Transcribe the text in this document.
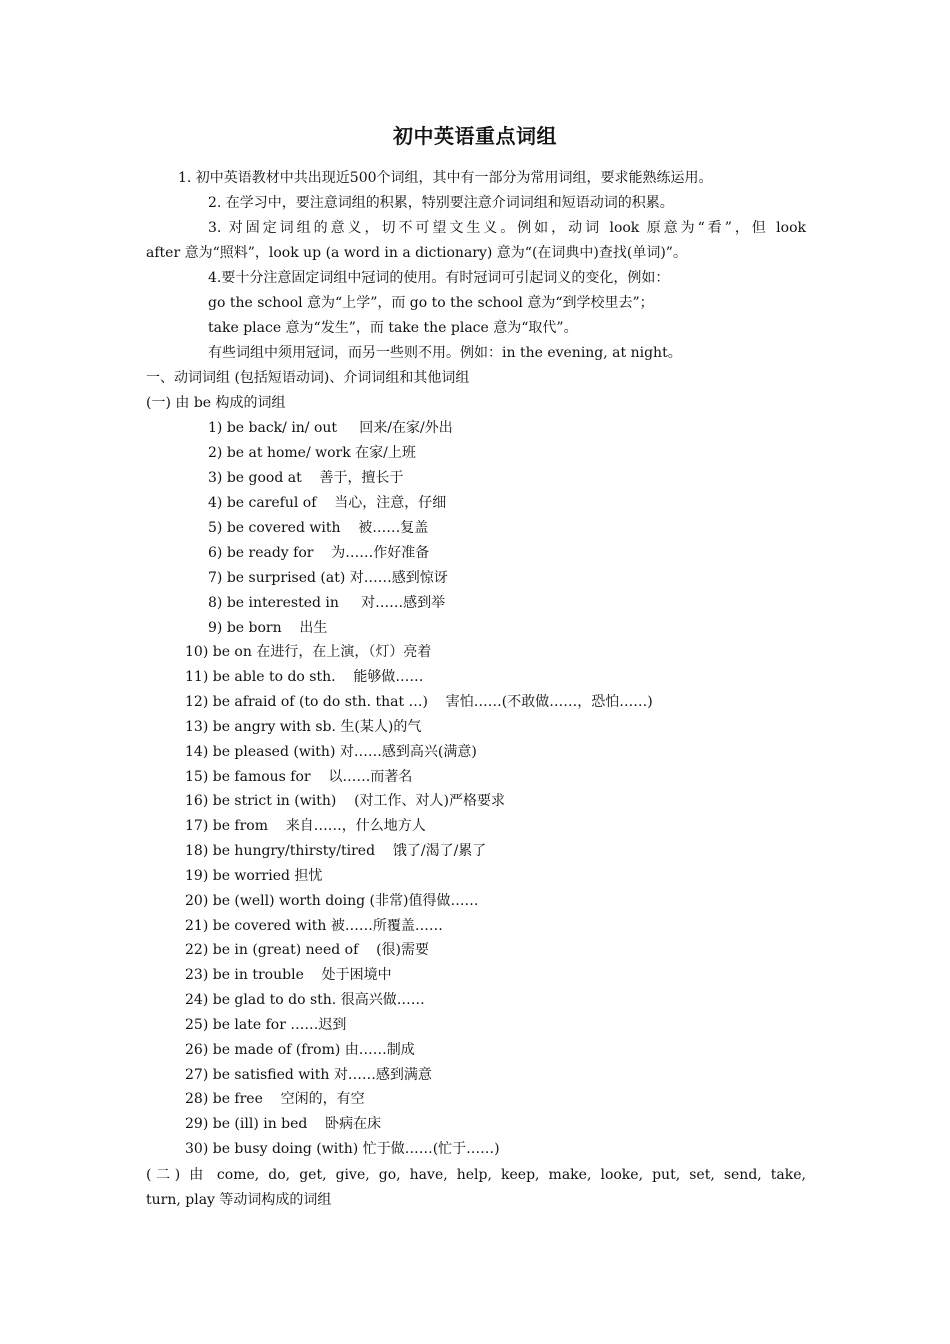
初中英语重点词组
1. 初中英语教材中共出现近500个词组，其中有一部分为常用词组，要求能熟练运用。
2. 在学习中，要注意词组的积累，特别要注意介词词组和短语动词的积累。
3. 对固定词组的意义，切不可望文生义。例如，动词 look 原意为“看”，但 look
after 意为“照料”，look up (a word in a dictionary) 意为“(在词典中)查找(单词)”。
4.要十分注意固定词组中冠词的使用。有时冠词可引起词义的变化，例如：
go the school 意为“上学”，而 go to the school 意为“到学校里去”；
take place 意为“发生”，而 take the place 意为“取代”。
有些词组中须用冠词，而另一些则不用。例如：in the evening, at night。
一、动词词组 (包括短语动词)、介词词组和其他词组
(一) 由 be 构成的词组
1) be back/ in/ out     回来/在家/外出
2) be at home/ work 在家/上班
3) be good at    善于，擅长于
4) be careful of    当心，注意，仔细
5) be covered with    被……复盖
6) be ready for    为……作好准备
7) be surprised (at) 对……感到惊讶
8) be interested in     对……感到举
9) be born    出生
10) be on 在进行，在上演，（灯）亮着
11) be able to do sth.    能够做……
12) be afraid of (to do sth. that …)    害怕……(不敢做……，恐怕……)
13) be angry with sb. 生(某人)的气
14) be pleased (with) 对……感到高兴(满意)
15) be famous for    以……而著名
16) be strict in (with)    (对工作、对人)严格要求
17) be from    来自……，什么地方人
18) be hungry/thirsty/tired    饿了/渴了/累了
19) be worried 担忧
20) be (well) worth doing (非常)值得做……
21) be covered with 被……所覆盖……
22) be in (great) need of    (很)需要
23) be in trouble    处于困境中
24) be glad to do sth. 很高兴做……
25) be late for ……迟到
26) be made of (from) 由……制成
27) be satisfied with 对……感到满意
28) be free    空闲的，有空
29) be (ill) in bed    卧病在床
30) be busy doing (with) 忙于做……(忙于……)
(二) 由 come, do, get, give, go, have, help, keep, make, looke, put, set, send, take,
turn, play 等动词构成的词组
